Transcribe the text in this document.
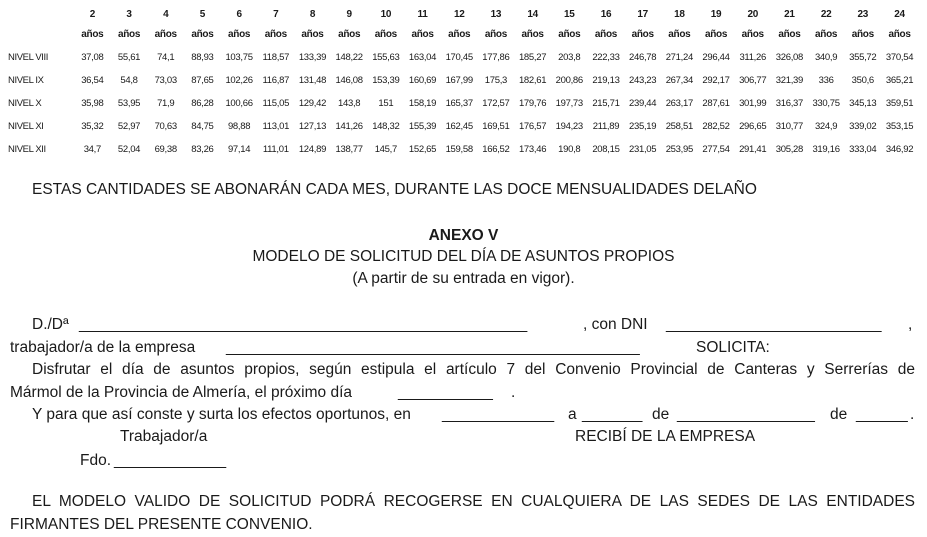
	2	3	4	5	6	7	8	9	10	11	12	13	14	15	16	17	18	19	20	21	22	23	24
	años	años	años	años	años	años	años	años	años	años	años	años	años	años	años	años	años	años	años	años	años	años	años
NIVEL VIII	37,08	55,61	74,1	88,93	103,75	118,57	133,39	148,22	155,63	163,04	170,45	177,86	185,27	203,8	222,33	246,78	271,24	296,44	311,26	326,08	340,9	355,72	370,54
NIVEL IX	36,54	54,8	73,03	87,65	102,26	116,87	131,48	146,08	153,39	160,69	167,99	175,3	182,61	200,86	219,13	243,23	267,34	292,17	306,77	321,39	336	350,6	365,21
NIVEL X	35,98	53,95	71,9	86,28	100,66	115,05	129,42	143,8	151	158,19	165,37	172,57	179,76	197,73	215,71	239,44	263,17	287,61	301,99	316,37	330,75	345,13	359,51
NIVEL XI	35,32	52,97	70,63	84,75	98,88	113,01	127,13	141,26	148,32	155,39	162,45	169,51	176,57	194,23	211,89	235,19	258,51	282,52	296,65	310,77	324,9	339,02	353,15
NIVEL XII	34,7	52,04	69,38	83,26	97,14	111,01	124,89	138,77	145,7	152,65	159,58	166,52	173,46	190,8	208,15	231,05	253,95	277,54	291,41	305,28	319,16	333,04	346,92
ESTAS CANTIDADES SE ABONARÁN CADA MES, DURANTE LAS DOCE MENSUALIDADES DELAÑO
ANEXO V
MODELO DE SOLICITUD DEL DÍA DE ASUNTOS PROPIOS
(A partir de su entrada en vigor).
D./Dª ____________________________________________________	, con DNI _________________________ ,
trabajador/a de la empresa ________________________________________________	SOLICITA:
Disfrutar el día de asuntos propios, según estipula el artículo 7 del Convenio Provincial de Canteras y Serrerías de
Mármol de la Provincia de Almería, el próximo día	___________ .
Y para que así conste y surta los efectos oportunos, en _____________ a _______ de ________________ de ______ .
Trabajador/a	RECIBÍ DE LA EMPRESA
Fdo. _____________
EL MODELO VALIDO DE SOLICITUD PODRÁ RECOGERSE EN CUALQUIERA DE LAS SEDES DE LAS ENTIDADES
FIRMANTES DEL PRESENTE CONVENIO.
